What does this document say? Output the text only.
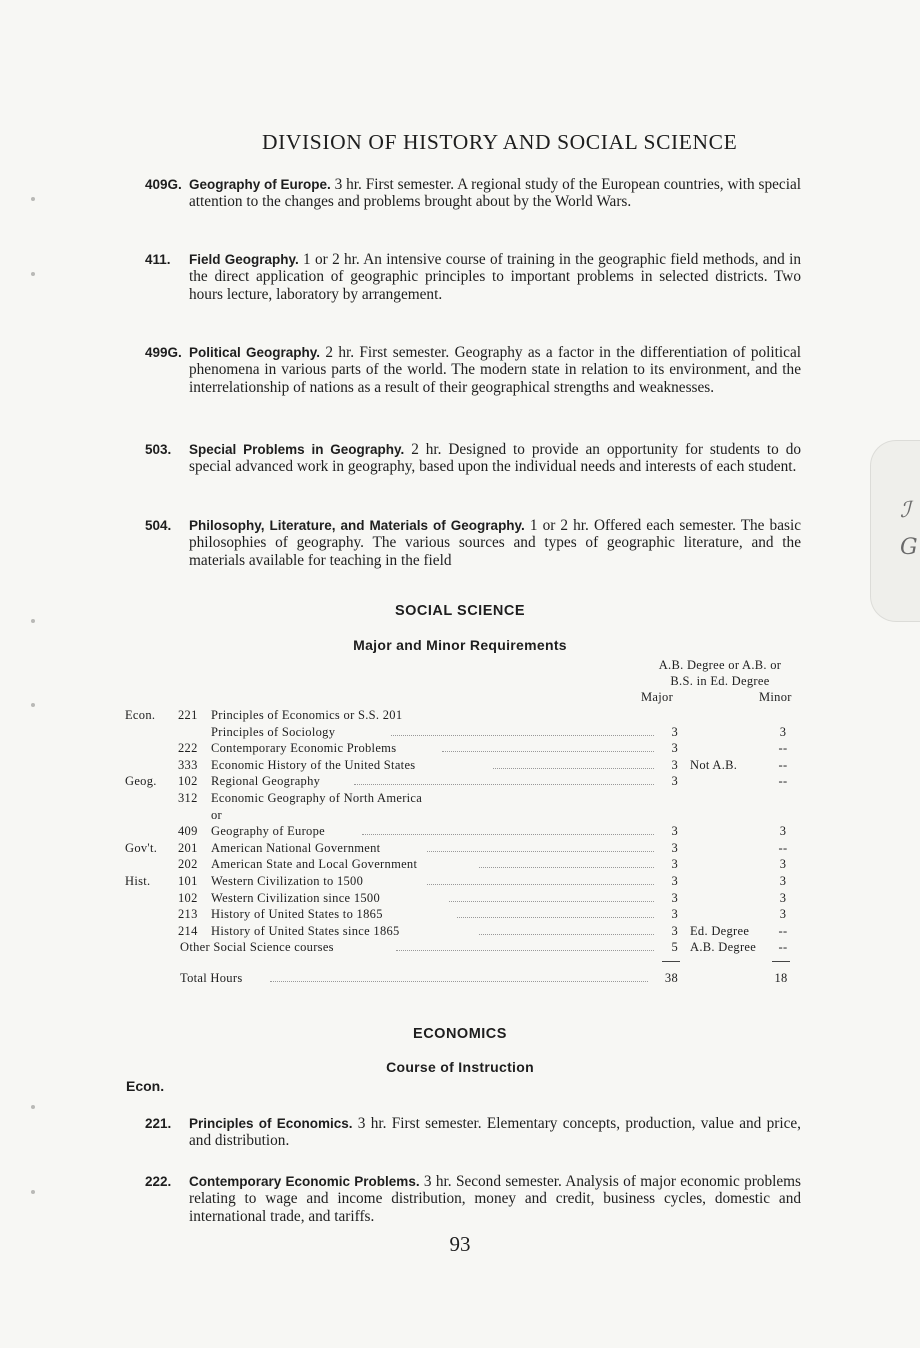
ℐ
G
DIVISION OF HISTORY AND SOCIAL SCIENCE
409G. Geography of Europe. 3 hr. First semester. A regional study of the European countries, with special attention to the changes and problems brought about by the World Wars.
411. Field Geography. 1 or 2 hr. An intensive course of training in the geographic field methods, and in the direct application of geographic principles to important problems in selected districts. Two hours lecture, laboratory by arrangement.
499G. Political Geography. 2 hr. First semester. Geography as a factor in the differentiation of political phenomena in various parts of the world. The modern state in relation to its environment, and the interrelationship of nations as a result of their geographical strengths and weaknesses.
503. Special Problems in Geography. 2 hr. Designed to provide an opportunity for students to do special advanced work in geography, based upon the individual needs and interests of each student.
504. Philosophy, Literature, and Materials of Geography. 1 or 2 hr. Offered each semester. The basic philosophies of geography. The various sources and types of geographic literature, and the materials available for teaching in the field
SOCIAL SCIENCE
Major and Minor Requirements
A.B. Degree or A.B. or
B.S. in Ed. Degree
Major	Minor
Econ. 221 Principles of Economics or S.S. 201
Principles of Sociology	3	3
222 Contemporary Economic Problems	3	--
333 Economic History of the United States	3 Not A.B.	--
Geog. 102 Regional Geography	3	--
312 Economic Geography of North America
or
409 Geography of Europe	3	3
Gov't. 201 American National Government	3	--
202 American State and Local Government	3	3
Hist. 101 Western Civilization to 1500	3	3
102 Western Civilization since 1500	3	3
213 History of United States to 1865	3	3
214 History of United States since 1865	3 Ed. Degree --
Other Social Science courses	5 A.B. Degree --
Total Hours	38	18
ECONOMICS
Course of Instruction
Econ.
221. Principles of Economics. 3 hr. First semester. Elementary concepts, production, value and price, and distribution.
222. Contemporary Economic Problems. 3 hr. Second semester. Analysis of major economic problems relating to wage and income distribution, money and credit, business cycles, domestic and international trade, and tariffs.
93
